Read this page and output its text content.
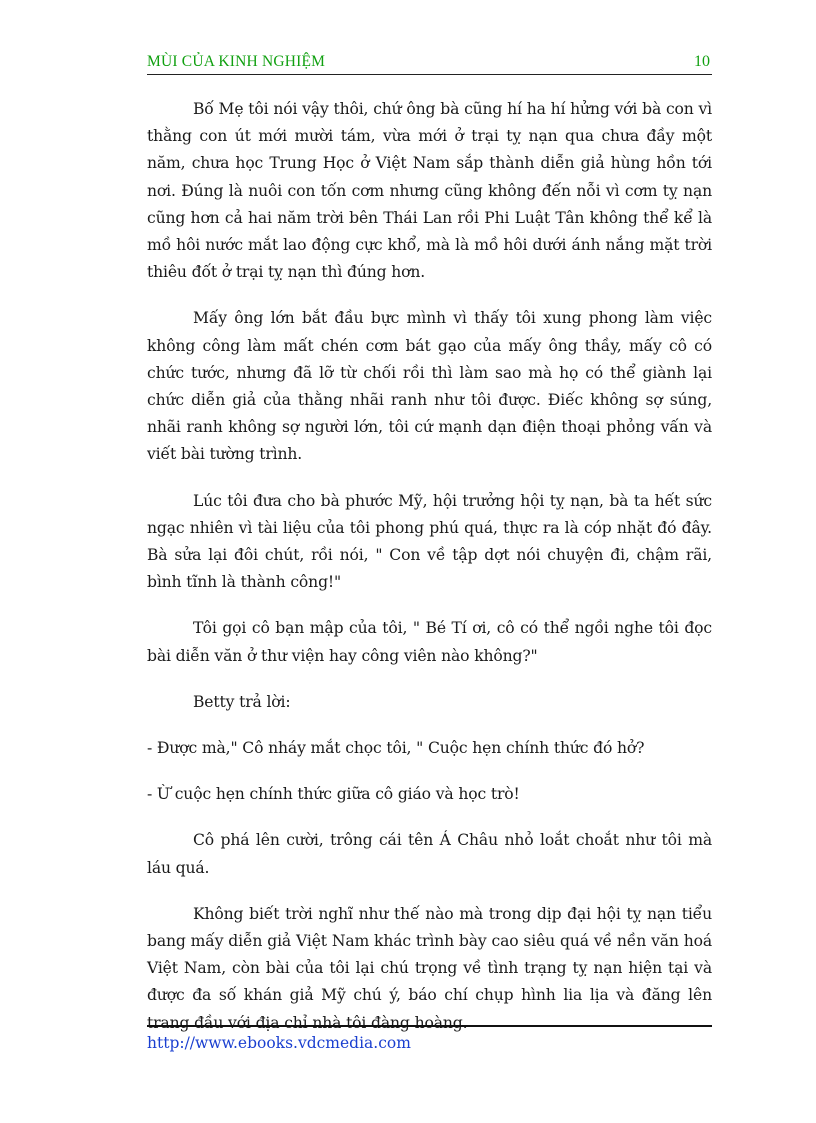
MÙI CỦA KINH NGHIỆM	10

Bố Mẹ tôi nói vậy thôi, chứ ông bà cũng hí ha hí hửng với bà con vì thằng con út mới mười tám, vừa mới ở trại tỵ nạn qua chưa đầy một năm, chưa học Trung Học ở Việt Nam sắp thành diễn giả hùng hồn tới nơi. Đúng là nuôi con tốn cơm nhưng cũng không đến nỗi vì cơm tỵ nạn cũng hơn cả hai năm trời bên Thái Lan rồi Phi Luật Tân không thể kể là mồ hôi nước mắt lao động cực khổ, mà là mồ hôi dưới ánh nắng mặt trời thiêu đốt ở trại tỵ nạn thì đúng hơn.

Mấy ông lớn bắt đầu bực mình vì thấy tôi xung phong làm việc không công làm mất chén cơm bát gạo của mấy ông thầy, mấy cô có chức tước, nhưng đã lỡ từ chối rồi thì làm sao mà họ có thể giành lại chức diễn giả của thằng nhãi ranh như tôi được. Điếc không sợ súng, nhãi ranh không sợ người lớn, tôi cứ mạnh dạn điện thoại phỏng vấn và viết bài tường trình.

Lúc tôi đưa cho bà phước Mỹ, hội trưởng hội tỵ nạn, bà ta hết sức ngạc nhiên vì tài liệu của tôi phong phú quá, thực ra là cóp nhặt đó đây. Bà sửa lại đôi chút, rồi nói, " Con về tập dợt nói chuyện đi, chậm rãi, bình tĩnh là thành công!"

Tôi gọi cô bạn mập của tôi, " Bé Tí ơi, cô có thể ngồi nghe tôi đọc bài diễn văn ở thư viện hay công viên nào không?"

Betty trả lời:

- Được mà," Cô nháy mắt chọc tôi, " Cuộc hẹn chính thức đó hở?

- Ừ cuộc hẹn chính thức giữa cô giáo và học trò!

Cô phá lên cười, trông cái tên Á Châu nhỏ loắt choắt như tôi mà láu quá.

Không biết trời nghĩ như thế nào mà trong dịp đại hội tỵ nạn tiểu bang mấy diễn giả Việt Nam khác trình bày cao siêu quá về nền văn hoá Việt Nam, còn bài của tôi lại chú trọng về tình trạng tỵ nạn hiện tại và được đa số khán giả Mỹ chú ý, báo chí chụp hình lia lịa và đăng lên trang đầu với địa chỉ nhà tôi đàng hoàng.

http://www.ebooks.vdcmedia.com
